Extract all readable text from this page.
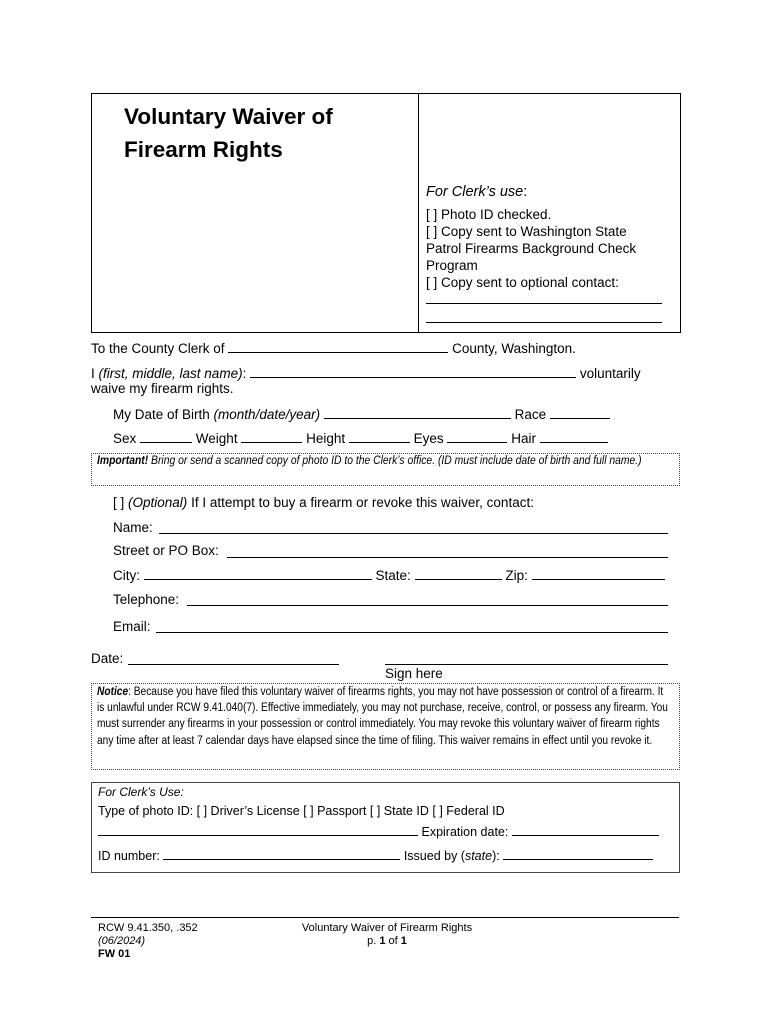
Voluntary Waiver of
Firearm Rights
For Clerk’s use:
[ ] Photo ID checked.
[ ] Copy sent to Washington State
Patrol Firearms Background Check
Program
[ ] Copy sent to optional contact:
To the County Clerk of	County, Washington.
I (first, middle, last name):	voluntarily
waive my firearm rights.
My Date of Birth (month/date/year)	Race
Sex	Weight	Height	Eyes	Hair
Important! Bring or send a scanned copy of photo ID to the Clerk’s office. (ID must include date of birth and full name.)
[ ] (Optional) If I attempt to buy a firearm or revoke this waiver, contact:
Name:
Street or PO Box:
City:	State:	Zip:
Telephone:
Email:
Date:
Sign here
Notice: Because you have filed this voluntary waiver of firearms rights, you may not have possession or control of a firearm. It is unlawful under RCW 9.41.040(7). Effective immediately, you may not purchase, receive, control, or possess any firearm. You must surrender any firearms in your possession or control immediately. You may revoke this voluntary waiver of firearm rights any time after at least 7 calendar days have elapsed since the time of filing. This waiver remains in effect until you revoke it.
For Clerk’s Use:
Type of photo ID: [ ] Driver’s License [ ] Passport [ ] State ID [ ] Federal ID
Expiration date:
ID number:	Issued by (state):
RCW 9.41.350, .352
(06/2024)
FW 01
Voluntary Waiver of Firearm Rights
p. 1 of 1
